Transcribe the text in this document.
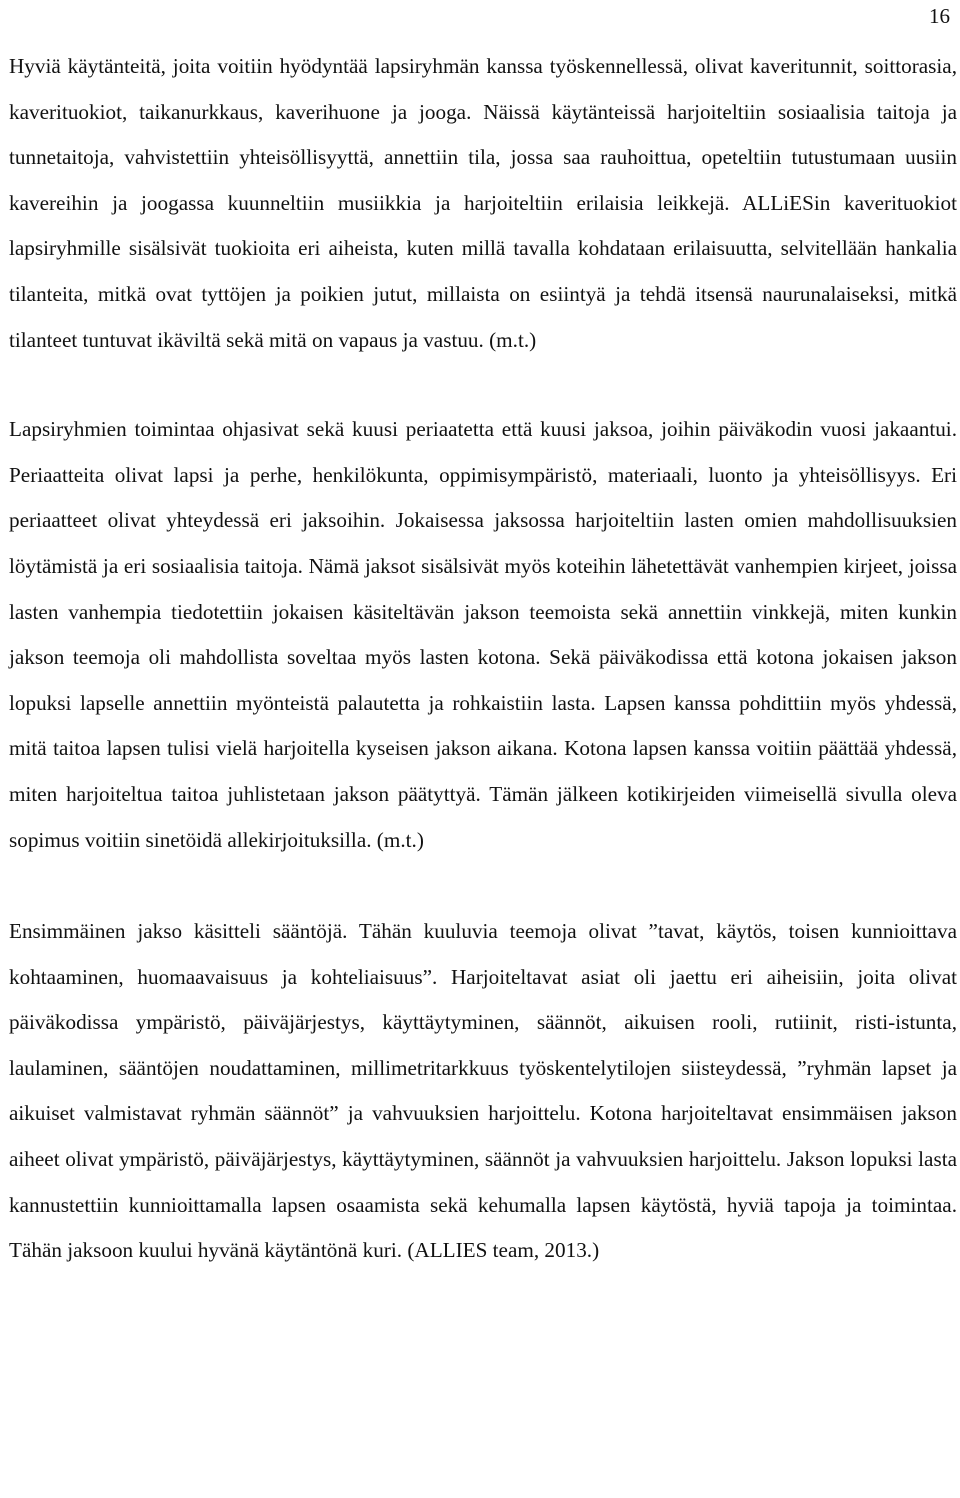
16

Hyviä käytänteitä, joita voitiin hyödyntää lapsiryhmän kanssa työskennellessä, olivat kaveritunnit, soittorasia, kaverituokiot, taikanurkkaus, kaverihuone ja jooga. Näissä käytänteissä harjoiteltiin sosiaalisia taitoja ja tunnetaitoja, vahvistettiin yhteisöllisyyttä, annettiin tila, jossa saa rauhoittua, opeteltiin tutustumaan uusiin kavereihin ja joogassa kuunneltiin musiikkia ja harjoiteltiin erilaisia leikkejä. ALLiESin kaverituokiot lapsiryhmille sisälsivät tuokioita eri aiheista, kuten millä tavalla kohdataan erilaisuutta, selvitellään hankalia tilanteita, mitkä ovat tyttöjen ja poikien jutut, millaista on esiintyä ja tehdä itsensä naurunalaiseksi, mitkä tilanteet tuntuvat ikäviltä sekä mitä on vapaus ja vastuu. (m.t.)

Lapsiryhmien toimintaa ohjasivat sekä kuusi periaatetta että kuusi jaksoa, joihin päiväkodin vuosi jakaantui. Periaatteita olivat lapsi ja perhe, henkilökunta, oppimisympäristö, materiaali, luonto ja yhteisöllisyys. Eri periaatteet olivat yhteydessä eri jaksoihin. Jokaisessa jaksossa harjoiteltiin lasten omien mahdollisuuksien löytämistä ja eri sosiaalisia taitoja. Nämä jaksot sisälsivät myös koteihin lähetettävät vanhempien kirjeet, joissa lasten vanhempia tiedotettiin jokaisen käsiteltävän jakson teemoista sekä annettiin vinkkejä, miten kunkin jakson teemoja oli mahdollista soveltaa myös lasten kotona. Sekä päiväkodissa että kotona jokaisen jakson lopuksi lapselle annettiin myönteistä palautetta ja rohkaistiin lasta. Lapsen kanssa pohdittiin myös yhdessä, mitä taitoa lapsen tulisi vielä harjoitella kyseisen jakson aikana. Kotona lapsen kanssa voitiin päättää yhdessä, miten harjoiteltua taitoa juhlistetaan jakson päätyttyä. Tämän jälkeen kotikirjeiden viimeisellä sivulla oleva sopimus voitiin sinetöidä allekirjoituksilla. (m.t.)

Ensimmäinen jakso käsitteli sääntöjä. Tähän kuuluvia teemoja olivat ”tavat, käytös, toisen kunnioittava kohtaaminen, huomaavaisuus ja kohteliaisuus”. Harjoiteltavat asiat oli jaettu eri aiheisiin, joita olivat päiväkodissa ympäristö, päiväjärjestys, käyttäytyminen, säännöt, aikuisen rooli, rutiinit, risti-istunta, laulaminen, sääntöjen noudattaminen, millimetritarkkuus työskentelytilojen siisteydessä, ”ryhmän lapset ja aikuiset valmistavat ryhmän säännöt” ja vahvuuksien harjoittelu. Kotona harjoiteltavat ensimmäisen jakson aiheet olivat ympäristö, päiväjärjestys, käyttäytyminen, säännöt ja vahvuuksien harjoittelu. Jakson lopuksi lasta kannustettiin kunnioittamalla lapsen osaamista sekä kehumalla lapsen käytöstä, hyviä tapoja ja toimintaa. Tähän jaksoon kuului hyvänä käytäntönä kuri. (ALLIES team, 2013.)
